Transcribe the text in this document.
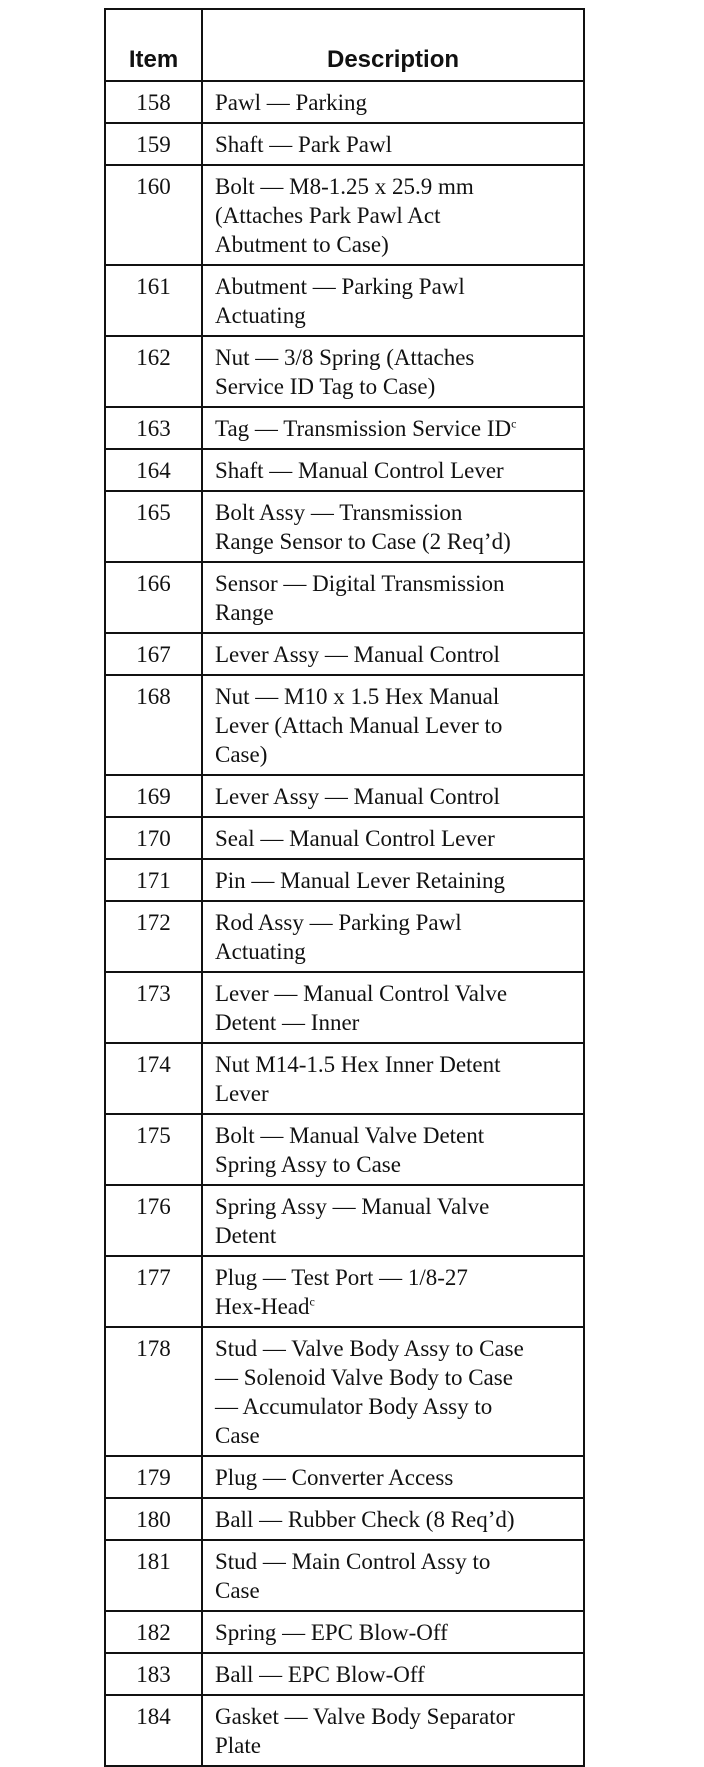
Item	Description
158	Pawl — Parking
159	Shaft — Park Pawl
160	Bolt — M8-1.25 x 25.9 mm
(Attaches Park Pawl Act
Abutment to Case)
161	Abutment — Parking Pawl
Actuating
162	Nut — 3/8 Spring (Attaches
Service ID Tag to Case)
163	Tag — Transmission Service $ID^c$
164	Shaft — Manual Control Lever
165	Bolt Assy — Transmission
Range Sensor to Case (2 Req’d)
166	Sensor — Digital Transmission
Range
167	Lever Assy — Manual Control
168	Nut — M10 x 1.5 Hex Manual
Lever (Attach Manual Lever to
Case)
169	Lever Assy — Manual Control
170	Seal — Manual Control Lever
171	Pin — Manual Lever Retaining
172	Rod Assy — Parking Pawl
Actuating
173	Lever — Manual Control Valve
Detent — Inner
174	Nut M14-1.5 Hex Inner Detent
Lever
175	Bolt — Manual Valve Detent
Spring Assy to Case
176	Spring Assy — Manual Valve
Detent
177	Plug — Test Port — 1/8-27
Hex-Head$^c$
178	Stud — Valve Body Assy to Case
— Solenoid Valve Body to Case
— Accumulator Body Assy to
Case
179	Plug — Converter Access
180	Ball — Rubber Check (8 Req’d)
181	Stud — Main Control Assy to
Case
182	Spring — EPC Blow-Off
183	Ball — EPC Blow-Off
184	Gasket — Valve Body Separator
Plate
